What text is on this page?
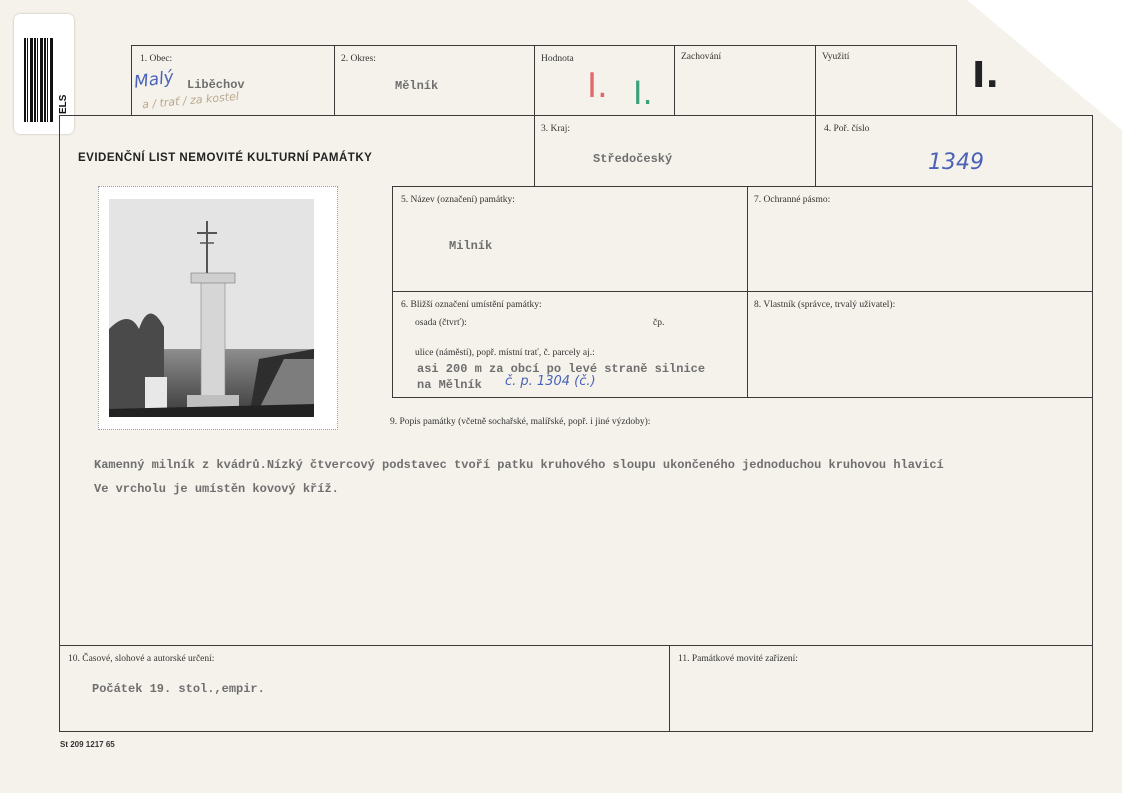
ELS
1. Obec:
Malý Liběchov
a / trať / za kostel
2. Okres:
Mělník
Hodnota
I. I.
Zachování	Využití	I.
EVIDENČNÍ LIST NEMOVITÉ KULTURNÍ PAMÁTKY
3. Kraj:
Středočeský
4. Poř. číslo
1349
5. Název (označení) památky:
Milník
7. Ochranné pásmo:
6. Bližší označení umístění památky:
osada (čtvrť):	čp.
ulice (náměstí), popř. místní trať, č. parcely aj.:
asi 200 m za obcí po levé straně silnice
na Mělník č. p. 1304 (č.)
8. Vlastník (správce, trvalý uživatel):
9. Popis památky (včetně sochařské, malířské, popř. i jiné výzdoby):
Kamenný milník z kvádrů.Nízký čtvercový podstavec tvoří patku kruhového sloupu ukončeného jednoduchou kruhovou hlavicí
Ve vrcholu je umístěn kovový kříž.
10. Časové, slohové a autorské určení:
Počátek 19. stol.,empir.
11. Památkové movité zařízení:
St 209 1217 65
